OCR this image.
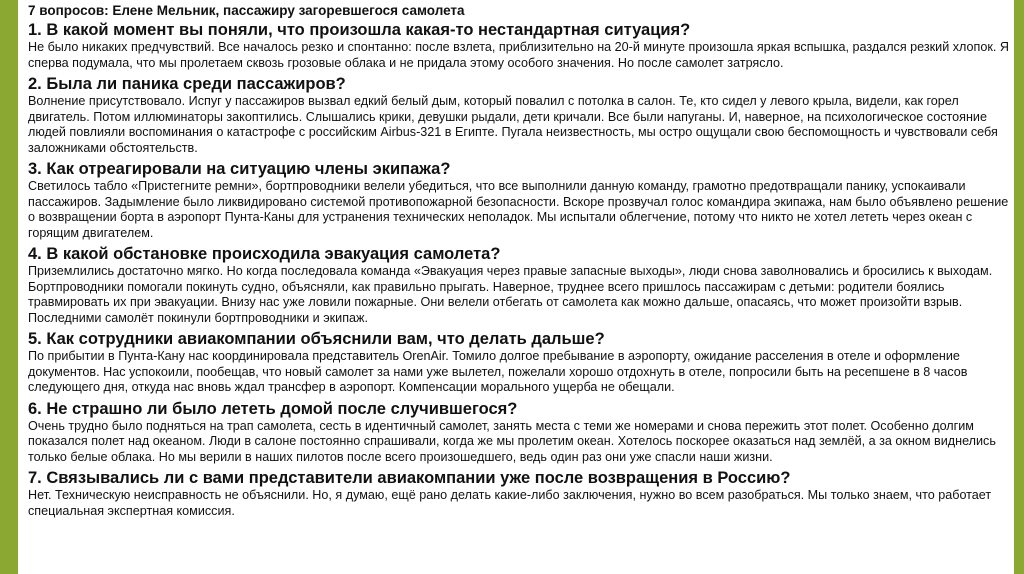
7 вопросов: Елене Мельник, пассажиру загоревшегося самолета

1. В какой момент вы поняли, что произошла какая-то нестандартная ситуация?

Не было никаких предчувствий. Все началось резко и спонтанно: после взлета, приблизительно на 20-й минуте произошла яркая вспышка, раздался резкий хлопок. Я сперва подумала, что мы пролетаем сквозь грозовые облака и не придала этому особого значения. Но после самолет затрясло.

2. Была ли паника среди пассажиров?

Волнение присутствовало. Испуг у пассажиров вызвал едкий белый дым, который повалил с потолка в салон. Те, кто сидел у левого крыла, видели, как горел двигатель. Потом иллюминаторы закоптились. Слышались крики, девушки рыдали, дети кричали. Все были напуганы. И, наверное, на психологическое состояние людей повлияли воспоминания о катастрофе с российским Airbus-321 в Египте. Пугала неизвестность, мы остро ощущали свою беспомощность и чувствовали себя заложниками обстоятельств.

3. Как отреагировали на ситуацию члены экипажа?

Светилось табло «Пристегните ремни», бортпроводники велели убедиться, что все выполнили данную команду, грамотно предотвращали панику, успокаивали пассажиров. Задымление было ликвидировано системой противопожарной безопасности. Вскоре прозвучал голос командира экипажа, нам было объявлено решение о возвращении борта в аэропорт Пунта-Каны для устранения технических неполадок. Мы испытали облегчение, потому что никто не хотел лететь через океан с горящим двигателем.

4. В какой обстановке происходила эвакуация самолета?

Приземлились достаточно мягко. Но когда последовала команда «Эвакуация через правые запасные выходы», люди снова заволновались и бросились к выходам. Бортпроводники помогали покинуть судно, объясняли, как правильно прыгать. Наверное, труднее всего пришлось пассажирам с детьми: родители боялись травмировать их при эвакуации. Внизу нас уже ловили пожарные. Они велели отбегать от самолета как можно дальше, опасаясь, что может произойти взрыв. Последними самолёт покинули бортпроводники и экипаж.

5. Как сотрудники авиакомпании объяснили вам, что делать дальше?

По прибытии в Пунта-Кану нас координировала представитель OrenAir. Томило долгое пребывание в аэропорту, ожидание расселения в отеле и оформление документов. Нас успокоили, пообещав, что новый самолет за нами уже вылетел, пожелали хорошо отдохнуть в отеле, попросили быть на ресепшене в 8 часов следующего дня, откуда нас вновь ждал трансфер в аэропорт. Компенсации морального ущерба не обещали.

6. Не страшно ли было лететь домой после случившегося?

Очень трудно было подняться на трап самолета, сесть в идентичный самолет, занять места с теми же номерами и снова пережить этот полет. Особенно долгим показался полет над океаном. Люди в салоне постоянно спрашивали, когда же мы пролетим океан. Хотелось поскорее оказаться над землёй, а за окном виднелись только белые облака. Но мы верили в наших пилотов после всего произошедшего, ведь один раз они уже спасли наши жизни.

7. Связывались ли с вами представители авиакомпании уже после возвращения в Россию?

Нет. Техническую неисправность не объяснили. Но, я думаю, ещё рано делать какие-либо заключения, нужно во всем разобраться. Мы только знаем, что работает специальная экспертная комиссия.
